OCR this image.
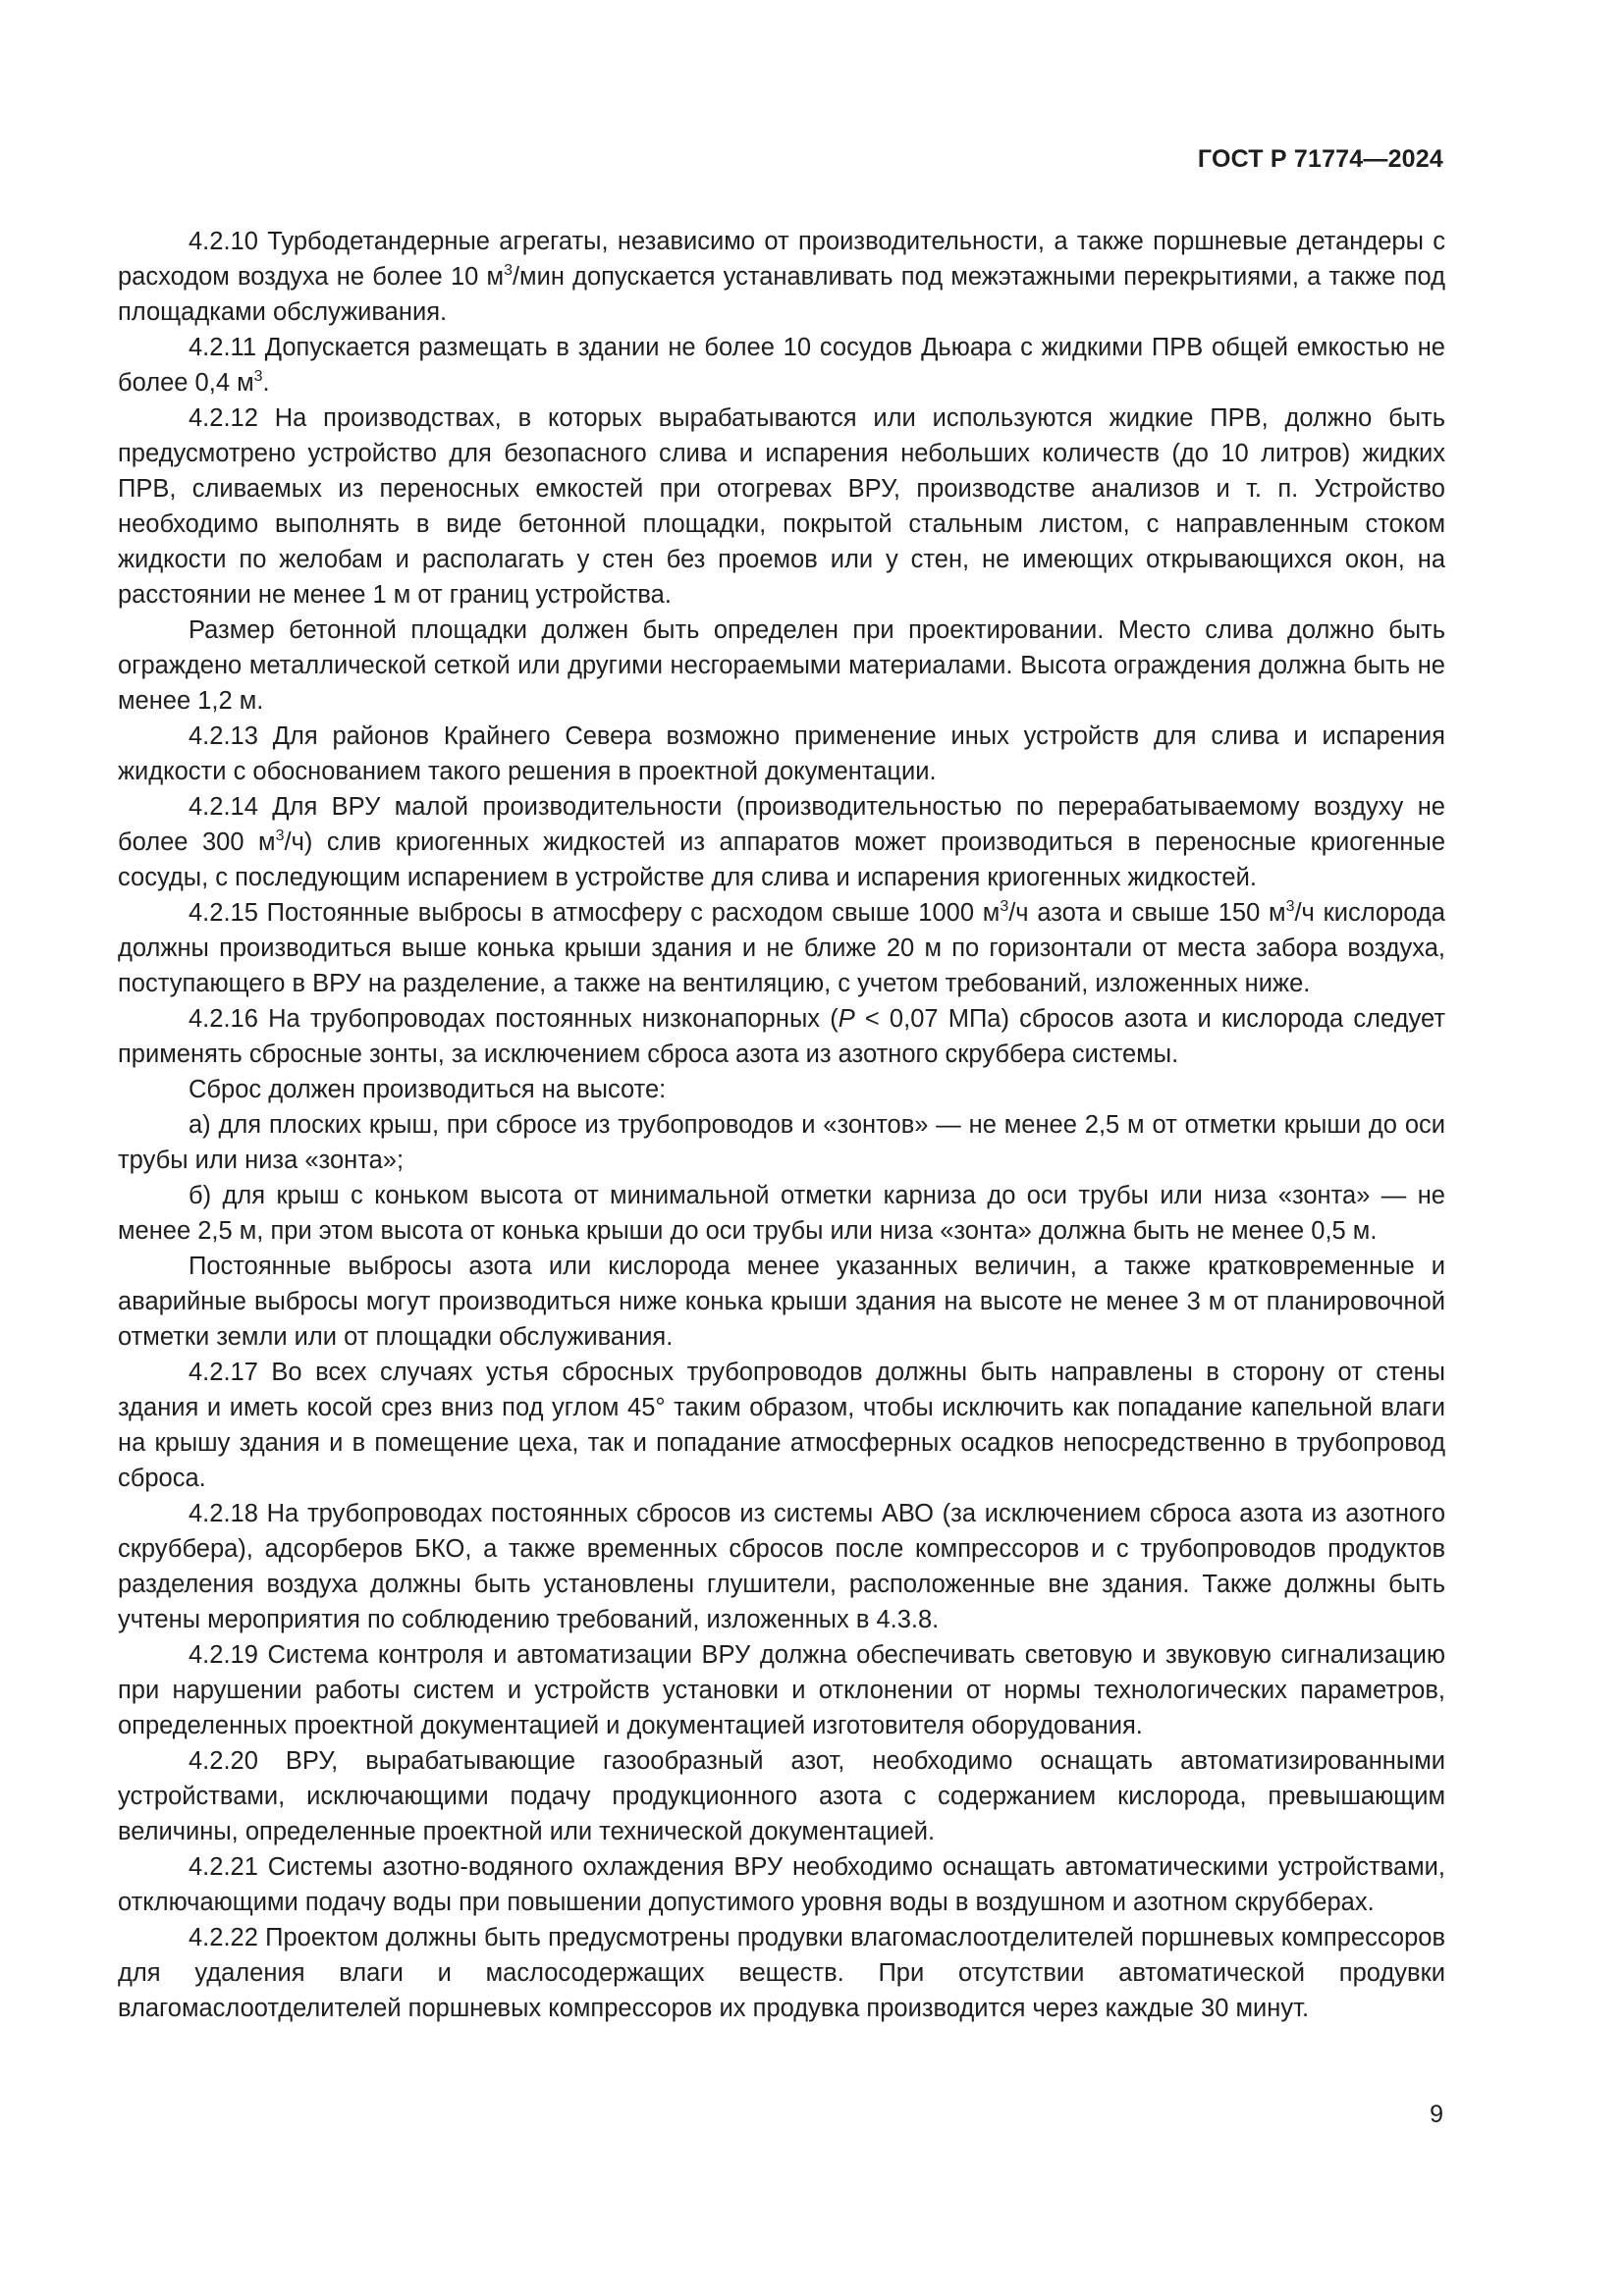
ГОСТ Р 71774—2024

4.2.10 Турбодетандерные агрегаты, независимо от производительности, а также поршневые детандеры с расходом воздуха не более 10 $м^3$/мин допускается устанавливать под межэтажными перекрытиями, а также под площадками обслуживания.

4.2.11 Допускается размещать в здании не более 10 сосудов Дьюара с жидкими ПРВ общей емкостью не более 0,4 $м^3$.

4.2.12 На производствах, в которых вырабатываются или используются жидкие ПРВ, должно быть предусмотрено устройство для безопасного слива и испарения небольших количеств (до 10 литров) жидких ПРВ, сливаемых из переносных емкостей при отогревах ВРУ, производстве анализов и т. п. Устройство необходимо выполнять в виде бетонной площадки, покрытой стальным листом, с направленным стоком жидкости по желобам и располагать у стен без проемов или у стен, не имеющих открывающихся окон, на расстоянии не менее 1 м от границ устройства.

Размер бетонной площадки должен быть определен при проектировании. Место слива должно быть ограждено металлической сеткой или другими несгораемыми материалами. Высота ограждения должна быть не менее 1,2 м.

4.2.13 Для районов Крайнего Севера возможно применение иных устройств для слива и испарения жидкости с обоснованием такого решения в проектной документации.

4.2.14 Для ВРУ малой производительности (производительностью по перерабатываемому воздуху не более 300 $м^3/ч$) слив криогенных жидкостей из аппаратов может производиться в переносные криогенные сосуды, с последующим испарением в устройстве для слива и испарения криогенных жидкостей.

4.2.15 Постоянные выбросы в атмосферу с расходом свыше 1000 $м^3/ч$ азота и свыше 150 $м^3/ч$ кислорода должны производиться выше конька крыши здания и не ближе 20 м по горизонтали от места забора воздуха, поступающего в ВРУ на разделение, а также на вентиляцию, с учетом требований, изложенных ниже.

4.2.16 На трубопроводах постоянных низконапорных (Р < 0,07 МПа) сбросов азота и кислорода следует применять сбросные зонты, за исключением сброса азота из азотного скруббера системы.

Сброс должен производиться на высоте:

а) для плоских крыш, при сбросе из трубопроводов и «зонтов» — не менее 2,5 м от отметки крыши до оси трубы или низа «зонта»;

б) для крыш с коньком высота от минимальной отметки карниза до оси трубы или низа «зонта» — не менее 2,5 м, при этом высота от конька крыши до оси трубы или низа «зонта» должна быть не менее 0,5 м.

Постоянные выбросы азота или кислорода менее указанных величин, а также кратковременные и аварийные выбросы могут производиться ниже конька крыши здания на высоте не менее 3 м от планировочной отметки земли или от площадки обслуживания.

4.2.17 Во всех случаях устья сбросных трубопроводов должны быть направлены в сторону от стены здания и иметь косой срез вниз под углом 45° таким образом, чтобы исключить как попадание капельной влаги на крышу здания и в помещение цеха, так и попадание атмосферных осадков непосредственно в трубопровод сброса.

4.2.18 На трубопроводах постоянных сбросов из системы АВО (за исключением сброса азота из азотного скруббера), адсорберов БКО, а также временных сбросов после компрессоров и с трубопроводов продуктов разделения воздуха должны быть установлены глушители, расположенные вне здания. Также должны быть учтены мероприятия по соблюдению требований, изложенных в 4.3.8.

4.2.19 Система контроля и автоматизации ВРУ должна обеспечивать световую и звуковую сигнализацию при нарушении работы систем и устройств установки и отклонении от нормы технологических параметров, определенных проектной документацией и документацией изготовителя оборудования.

4.2.20 ВРУ, вырабатывающие газообразный азот, необходимо оснащать автоматизированными устройствами, исключающими подачу продукционного азота с содержанием кислорода, превышающим величины, определенные проектной или технической документацией.

4.2.21 Системы азотно-водяного охлаждения ВРУ необходимо оснащать автоматическими устройствами, отключающими подачу воды при повышении допустимого уровня воды в воздушном и азотном скрубберах.

4.2.22 Проектом должны быть предусмотрены продувки влагомаслоотделителей поршневых компрессоров для удаления влаги и маслосодержащих веществ. При отсутствии автоматической продувки влагомаслоотделителей поршневых компрессоров их продувка производится через каждые 30 минут.

9
